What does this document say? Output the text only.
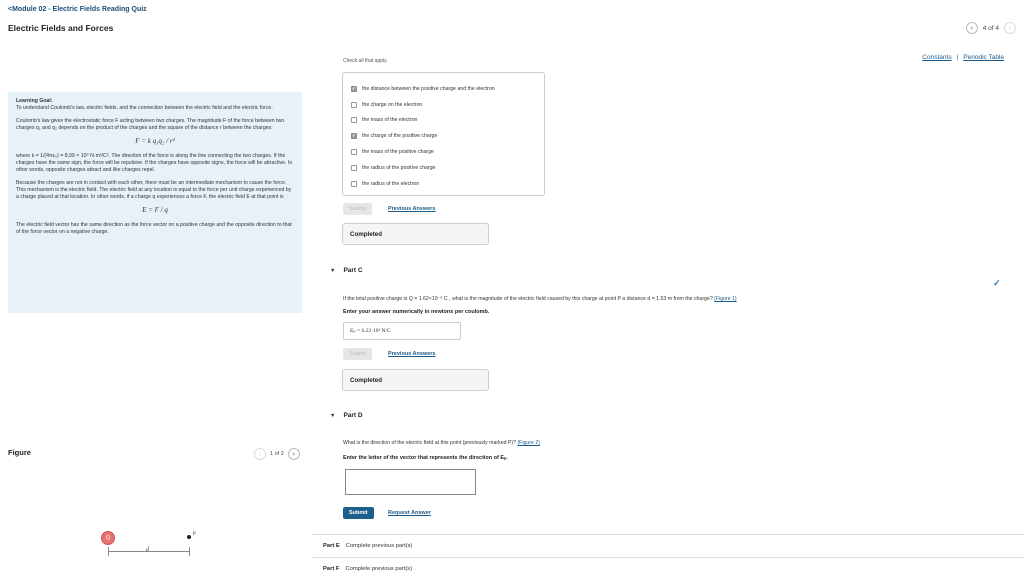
<Module 02 - Electric Fields Reading Quiz
Electric Fields and Forces	‹	4 of 4	›
Constants | Periodic Table

Learning Goal:
To understand Coulomb's law, electric fields, and the connection between the electric field and the electric force.

Coulomb's law gives the electrostatic force F acting between two charges. The magnitude F of the force between two charges q₁ and q₂ depends on the product of the charges and the square of the distance r between the charges:

F = k q₁q₂ / r²

where k = 1/(4πε₀) = 8.99 × 10⁹ N·m²/C². The direction of the force is along the line connecting the two charges. If the charges have the same sign, the force will be repulsive. If the charges have opposite signs, the force will be attractive. In other words, opposite charges attract and like charges repel.

Because the charges are not in contact with each other, there must be an intermediate mechanism to cause the force. This mechanism is the electric field. The electric field at any location is equal to the force per unit charge experienced by a charge placed at that location. In other words, if a charge q experiences a force F, the electric field E at that point is

E = F / q

The electric field vector has the same direction as the force vector on a positive charge and the opposite direction to that of the force vector on a negative charge.

Figure	‹	1 of 2	›
Q
P
d
Check all that apply.
✓ the distance between the positive charge and the electron
the charge on the electron
the mass of the electron
✓ the charge of the positive charge
the mass of the positive charge
the radius of the positive charge
the radius of the electron
Submit	Previous Answers
Completed
▼ Part C
✓
If the total positive charge is Q = 1.62×10⁻⁶ C , what is the magnitude of the electric field caused by this charge at point P a distance d = 1.53 m from the charge? (Figure 1)
Enter your answer numerically in newtons per coulomb.
Eₚ = 6.22·10³ N/C
Submit	Previous Answers
Completed
▼ Part D
What is the direction of the electric field at this point (previously marked P)? (Figure 2)
Enter the letter of the vector that represents the direction of Eₚ.
Submit	Request Answer
Part E Complete previous part(s)
Part F Complete previous part(s)
